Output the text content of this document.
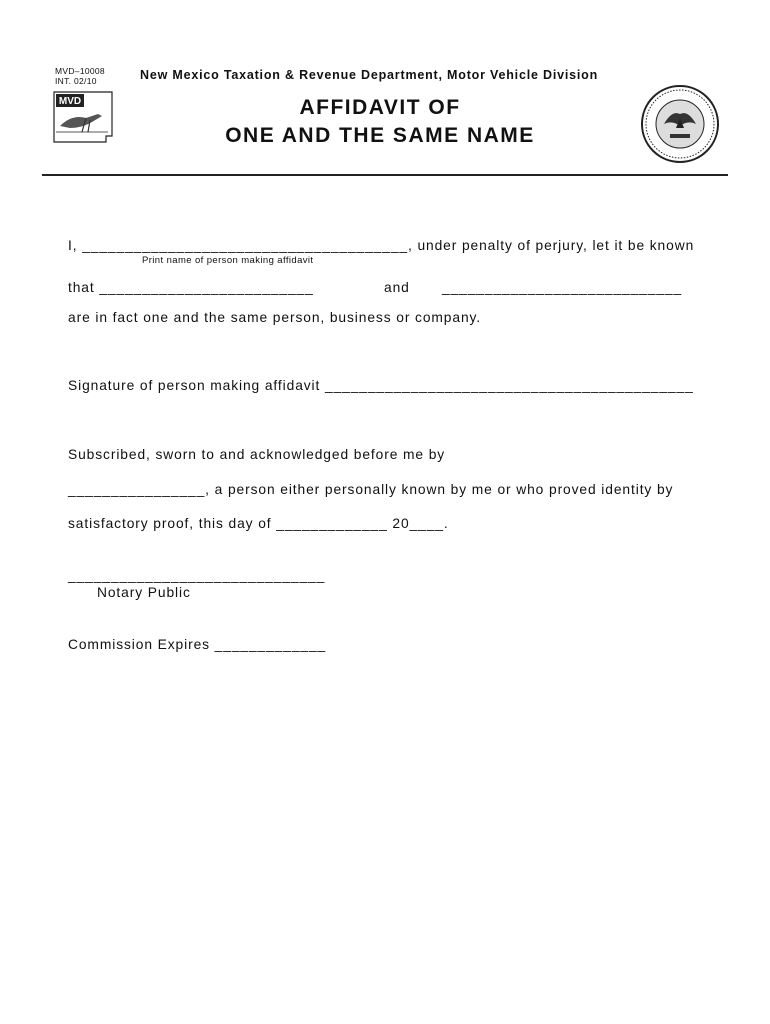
MVD–10008
INT. 02/10
MVD
New Mexico Taxation & Revenue Department, Motor Vehicle Division
AFFIDAVIT OF
ONE AND THE SAME NAME
I, ______________________________________, under penalty of perjury, let it be known
Print name of person making affidavit
that _________________________	and ____________________________
are in fact one and the same person, business or company.
Signature of person making affidavit ___________________________________________
Subscribed, sworn to and acknowledged before me by
________________, a person either personally known by me or who proved identity by
satisfactory proof, this day of _____________ 20____.
______________________________
Notary Public
Commission Expires _____________
